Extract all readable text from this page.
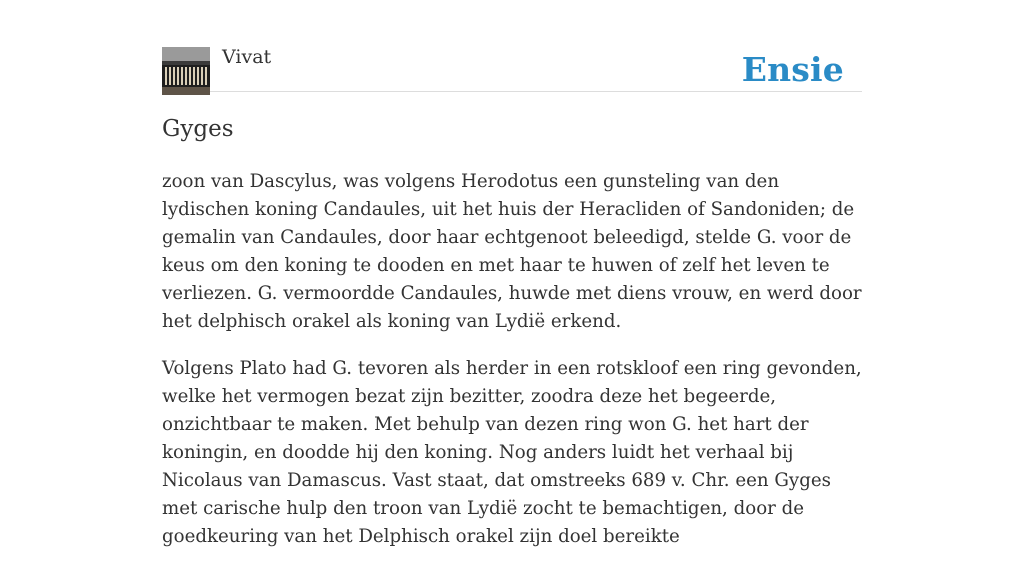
Vivat	Ensie
Gyges

zoon van Dascylus, was volgens Herodotus een gunsteling van den lydischen koning Candaules, uit het huis der Heracliden of Sandoniden; de gemalin van Candaules, door haar echtgenoot beleedigd, stelde G. voor de keus om den koning te dooden en met haar te huwen of zelf het leven te verliezen. G. vermoordde Candaules, huwde met diens vrouw, en werd door het delphisch orakel als koning van Lydië erkend.

Volgens Plato had G. tevoren als herder in een rotskloof een ring gevonden, welke het vermogen bezat zijn bezitter, zoodra deze het begeerde, onzichtbaar te maken. Met behulp van dezen ring won G. het hart der koningin, en doodde hij den koning. Nog anders luidt het verhaal bij Nicolaus van Damascus. Vast staat, dat omstreeks 689 v. Chr. een Gyges met carische hulp den troon van Lydië zocht te bemachtigen, door de goedkeuring van het Delphisch orakel zijn doel bereikte
